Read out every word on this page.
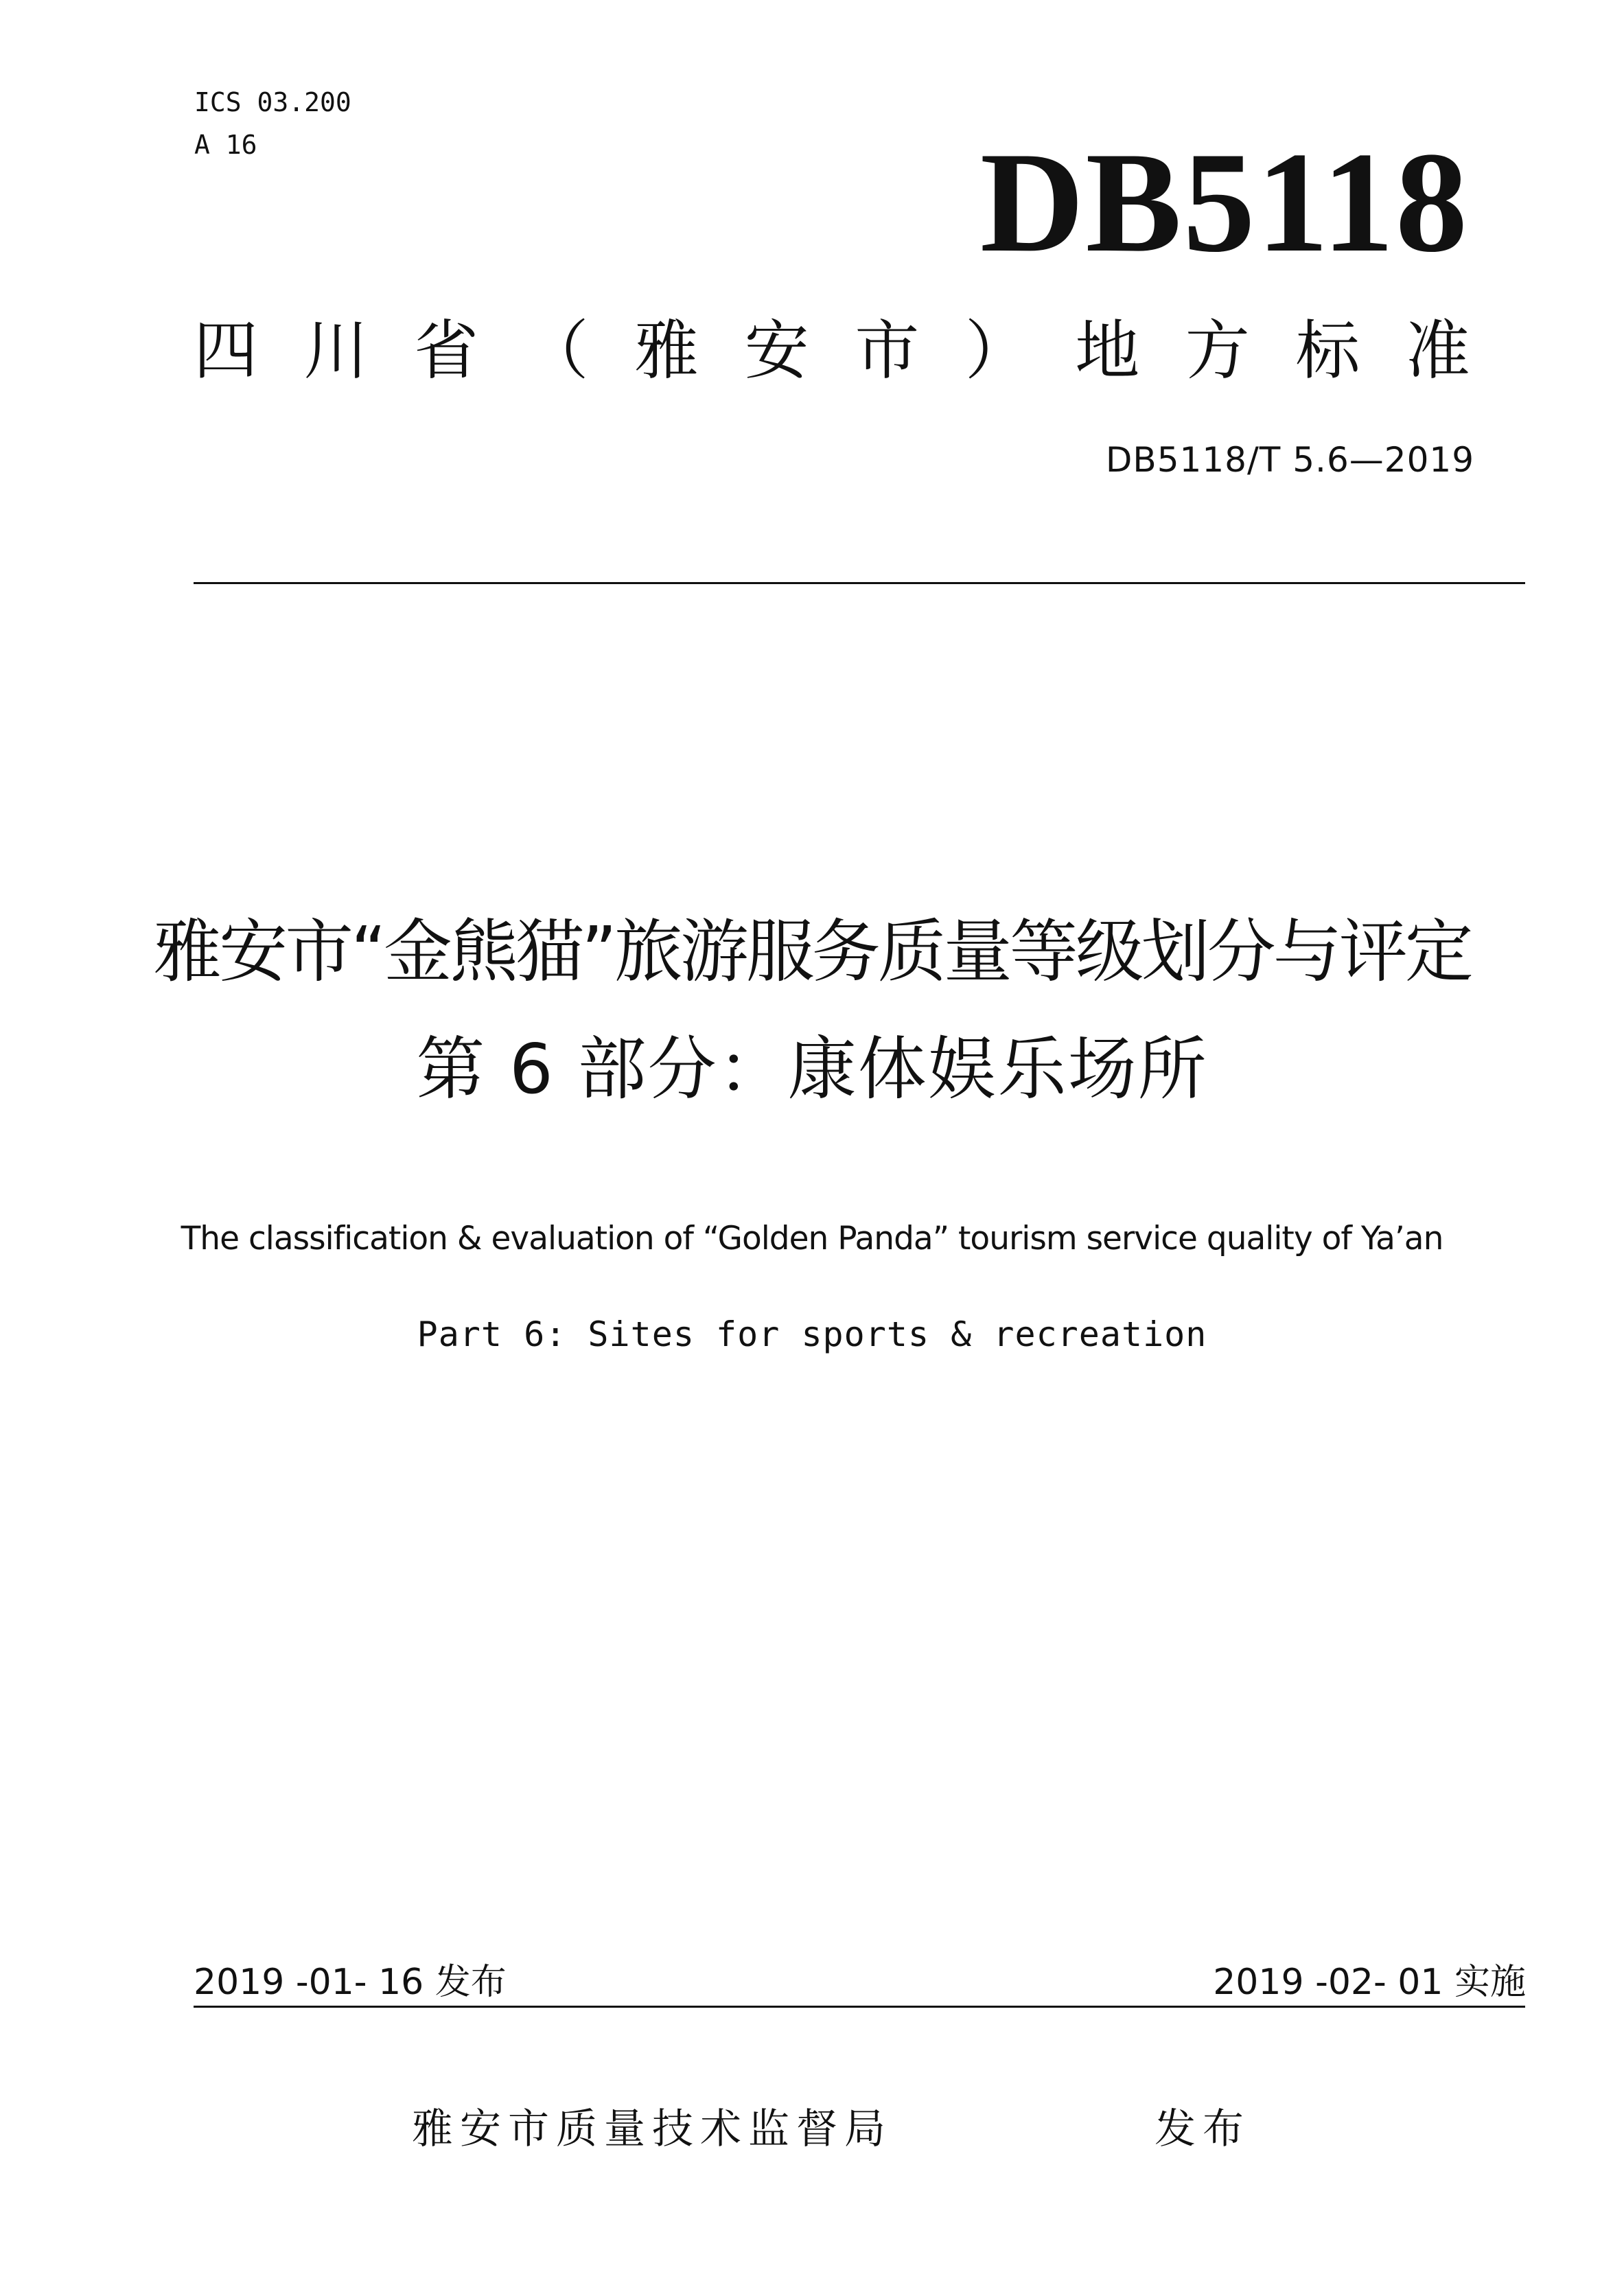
ICS 03.200
A 16	DB5118
四 川 省 （ 雅 安 市 ） 地 方 标 准
DB5118/T 5.6—2019
雅安市“金熊猫”旅游服务质量等级划分与评定
第 6 部分：康体娱乐场所
The classification & evaluation of “Golden Panda” tourism service quality of Ya’an
Part 6: Sites for sports & recreation
2019 -01- 16 发布	2019 -02- 01 实施
雅安市质量技术监督局	发布
